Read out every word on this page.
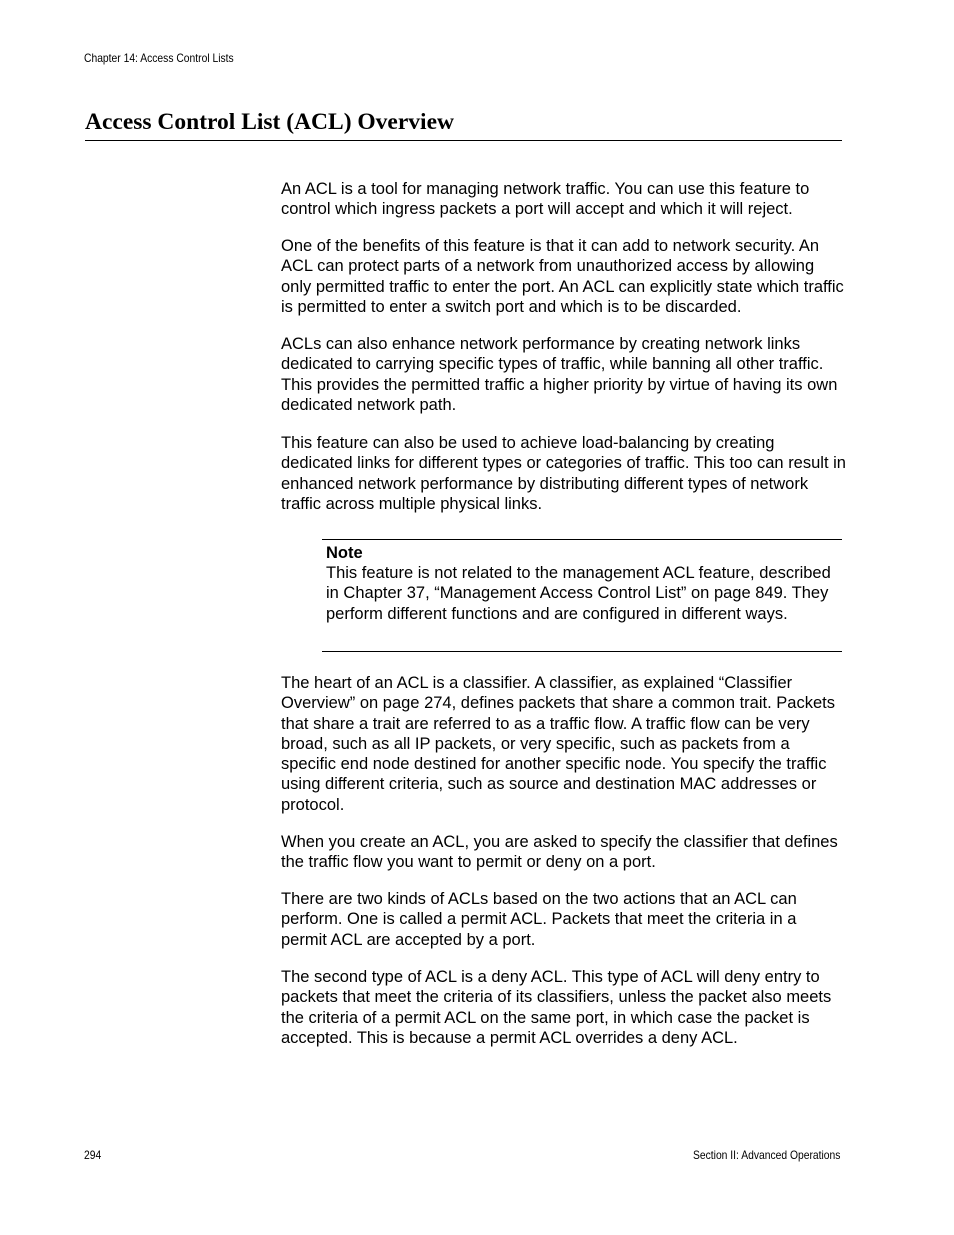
Chapter 14: Access Control Lists
Access Control List (ACL) Overview

An ACL is a tool for managing network traffic. You can use this feature to control which ingress packets a port will accept and which it will reject.

One of the benefits of this feature is that it can add to network security. An ACL can protect parts of a network from unauthorized access by allowing only permitted traffic to enter the port. An ACL can explicitly state which traffic is permitted to enter a switch port and which is to be discarded.

ACLs can also enhance network performance by creating network links dedicated to carrying specific types of traffic, while banning all other traffic. This provides the permitted traffic a higher priority by virtue of having its own dedicated network path.

This feature can also be used to achieve load-balancing by creating dedicated links for different types or categories of traffic. This too can result in enhanced network performance by distributing different types of network traffic across multiple physical links.

Note

This feature is not related to the management ACL feature, described in Chapter 37, “Management Access Control List” on page 849. They perform different functions and are configured in different ways.

The heart of an ACL is a classifier. A classifier, as explained “Classifier Overview” on page 274, defines packets that share a common trait. Packets that share a trait are referred to as a traffic flow. A traffic flow can be very broad, such as all IP packets, or very specific, such as packets from a specific end node destined for another specific node. You specify the traffic using different criteria, such as source and destination MAC addresses or protocol.

When you create an ACL, you are asked to specify the classifier that defines the traffic flow you want to permit or deny on a port.

There are two kinds of ACLs based on the two actions that an ACL can perform. One is called a permit ACL. Packets that meet the criteria in a permit ACL are accepted by a port.

The second type of ACL is a deny ACL. This type of ACL will deny entry to packets that meet the criteria of its classifiers, unless the packet also meets the criteria of a permit ACL on the same port, in which case the packet is accepted. This is because a permit ACL overrides a deny ACL.

294	Section II: Advanced Operations
